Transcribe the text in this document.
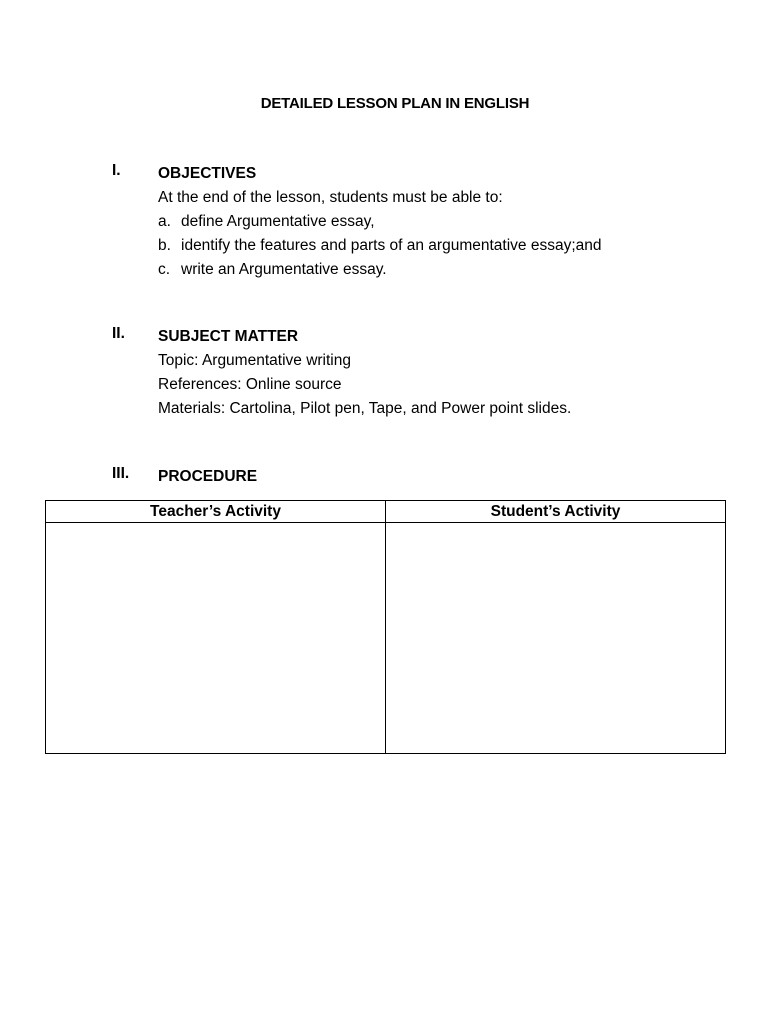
DETAILED LESSON PLAN IN ENGLISH
I. OBJECTIVES
At the end of the lesson, students must be able to:
a. define Argumentative essay,
b. identify the features and parts of an argumentative essay;and
c. write an Argumentative essay.
II. SUBJECT MATTER
Topic: Argumentative writing
References: Online source
Materials: Cartolina, Pilot pen, Tape, and Power point slides.
III. PROCEDURE
Teacher’s Activity	Student’s Activity
